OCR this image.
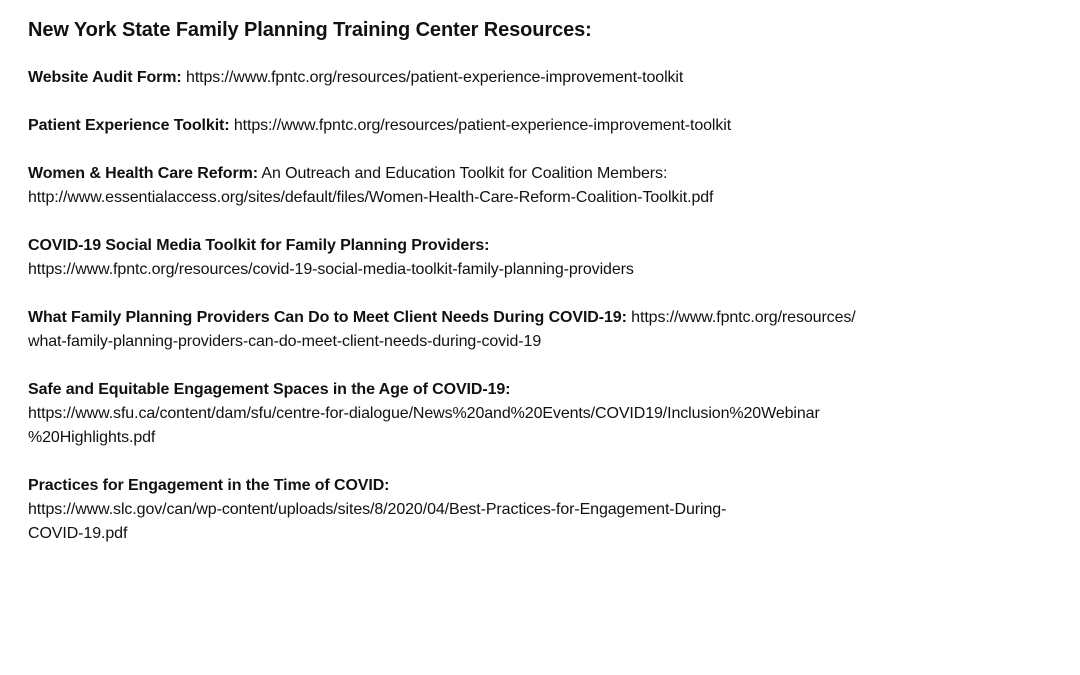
New York State Family Planning Training Center Resources:
Website Audit Form: https://www.fpntc.org/resources/patient-experience-improvement-toolkit
Patient Experience Toolkit: https://www.fpntc.org/resources/patient-experience-improvement-toolkit
Women & Health Care Reform: An Outreach and Education Toolkit for Coalition Members:
http://www.essentialaccess.org/sites/default/files/Women-Health-Care-Reform-Coalition-Toolkit.pdf
COVID-19 Social Media Toolkit for Family Planning Providers:
https://www.fpntc.org/resources/covid-19-social-media-toolkit-family-planning-providers
What Family Planning Providers Can Do to Meet Client Needs During COVID-19: https://www.fpntc.org/resources/
what-family-planning-providers-can-do-meet-client-needs-during-covid-19
Safe and Equitable Engagement Spaces in the Age of COVID-19:
https://www.sfu.ca/content/dam/sfu/centre-for-dialogue/News%20and%20Events/COVID19/Inclusion%20Webinar
%20Highlights.pdf
Practices for Engagement in the Time of COVID:
https://www.slc.gov/can/wp-content/uploads/sites/8/2020/04/Best-Practices-for-Engagement-During-
COVID-19.pdf
